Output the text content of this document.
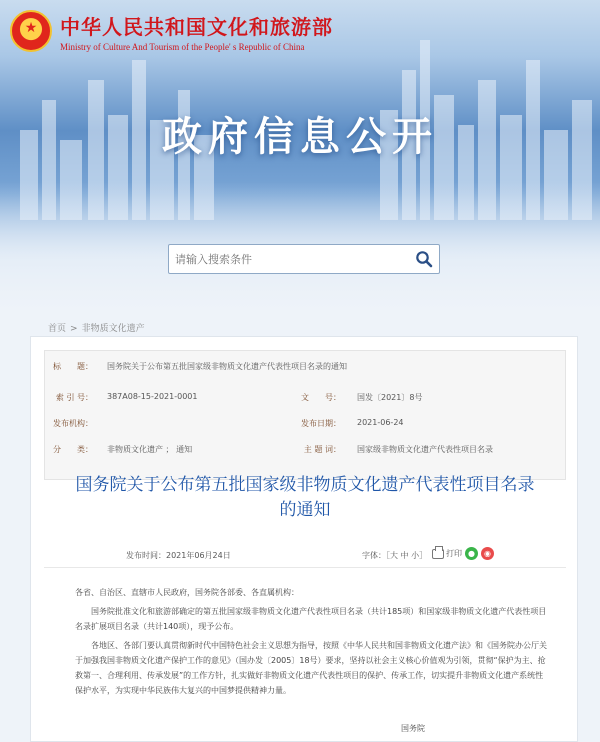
★
中华人民共和国文化和旅游部
Ministry of Culture And Tourism of the People' s Republic of China
政府信息公开
请输入搜索条件
首页 > 非物质文化遗产
标　　题： 国务院关于公布第五批国家级非物质文化遗产代表性项目名录的通知
索 引 号： 387A08-15-2021-0001	文　　号： 国发〔2021〕8号
发布机构：	发布日期： 2021-06-24
分　　类： 非物质文化遗产 ； 通知	主 题 词： 国家级非物质文化遗产代表性项目名录
国务院关于公布第五批国家级非物质文化遗产代表性项目名录
的通知
发布时间：2021年06月24日	字体：［大 中 小］ 打印 ●	◉

各省、自治区、直辖市人民政府，国务院各部委、各直属机构：

国务院批准文化和旅游部确定的第五批国家级非物质文化遗产代表性项目名录（共计185项）和国家级非物质文化遗产代表性项目名录扩展项目名录（共计140项），现予公布。

各地区、各部门要认真贯彻新时代中国特色社会主义思想为指导，按照《中华人民共和国非物质文化遗产法》和《国务院办公厅关于加强我国非物质文化遗产保护工作的意见》（国办发〔2005〕18号）要求，坚持以社会主义核心价值观为引领，贯彻“保护为主、抢救第一、合理利用、传承发展”的工作方针，扎实做好非物质文化遗产代表性项目的保护、传承工作，切实提升非物质文化遗产系统性保护水平，为实现中华民族伟大复兴的中国梦提供精神力量。

国务院
